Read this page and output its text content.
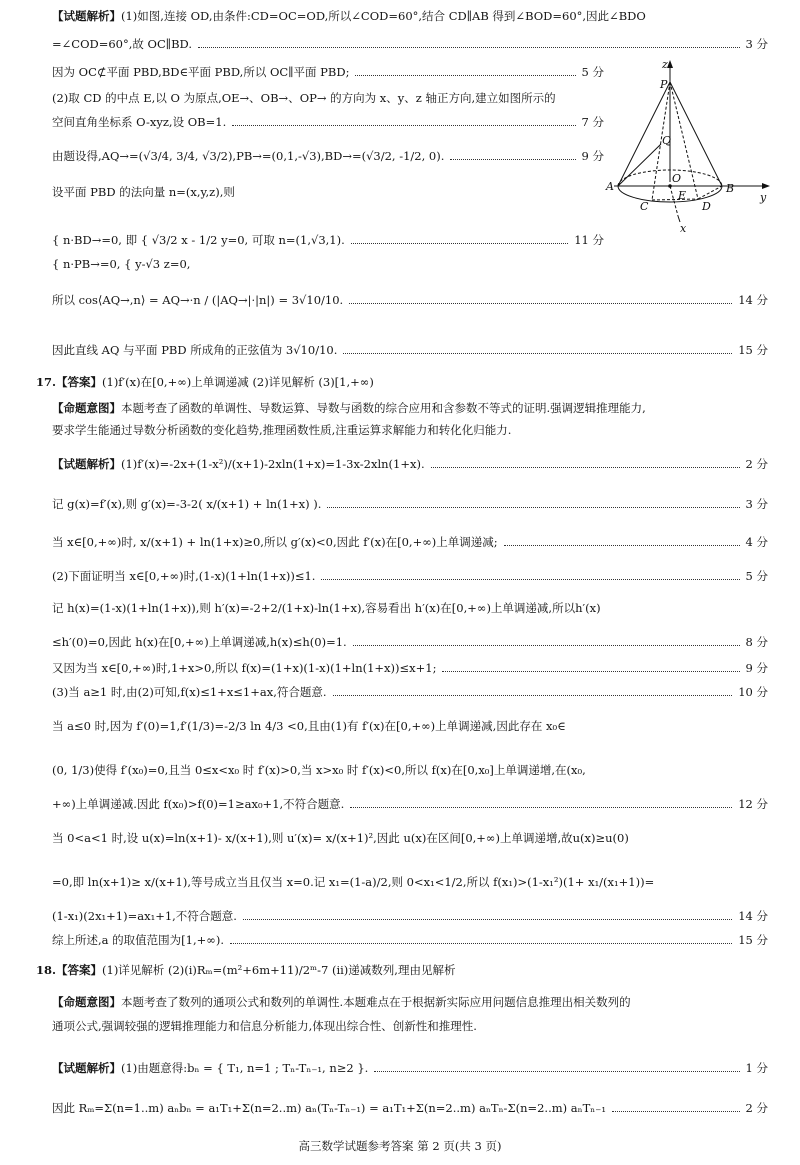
【试题解析】(1)如图,连接 OD,由条件:CD=OC=OD,所以∠COD=60°,结合 CD∥AB 得到∠BOD=60°,因此∠BDO
=∠COD=60°,故 OC∥BD.	3 分
因为 OC⊄平面 PBD,BD∈平面 PBD,所以 OC∥平面 PBD;	5 分
(2)取 CD 的中点 E,以 O 为原点,OE→、OB→、OP→ 的方向为 x、y、z 轴正方向,建立如图所示的
空间直角坐标系 O-xyz,设 OB=1.	7 分
由题设得,AQ→=(√3/4, 3/4, √3/2),PB→=(0,1,-√3),BD→=(√3/2, -1/2, 0).	9 分
设平面 PBD 的法向量 n=(x,y,z),则
{ n·BD→=0, 即 { √3/2 x - 1/2 y=0, 可取 n=(1,√3,1).	11 分
{ n·PB→=0, { y-√3 z=0,
所以 cos⟨AQ→,n⟩ = AQ→·n / (|AQ→|·|n|) = 3√10/10.	14 分
因此直线 AQ 与平面 PBD 所成角的正弦值为 3√10/10.	15 分
17.【答案】(1)f′(x)在[0,+∞)上单调递减 (2)详见解析 (3)[1,+∞)
【命题意图】本题考查了函数的单调性、导数运算、导数与函数的综合应用和含参数不等式的证明.强调逻辑推理能力,
要求学生能通过导数分析函数的变化趋势,推理函数性质,注重运算求解能力和转化化归能力.
【试题解析】(1)f′(x)=-2x+(1-x²)/(x+1)-2xln(1+x)=1-3x-2xln(1+x).	2 分
记 g(x)=f′(x),则 g′(x)=-3-2( x/(x+1) + ln(1+x) ).	3 分
当 x∈[0,+∞)时, x/(x+1) + ln(1+x)≥0,所以 g′(x)<0,因此 f′(x)在[0,+∞)上单调递减;	4 分
(2)下面证明当 x∈[0,+∞)时,(1-x)(1+ln(1+x))≤1.	5 分
记 h(x)=(1-x)(1+ln(1+x)),则 h′(x)=-2+2/(1+x)-ln(1+x),容易看出 h′(x)在[0,+∞)上单调递减,所以h′(x)
≤h′(0)=0,因此 h(x)在[0,+∞)上单调递减,h(x)≤h(0)=1.	8 分
又因为当 x∈[0,+∞)时,1+x>0,所以 f(x)=(1+x)(1-x)(1+ln(1+x))≤x+1;	9 分
(3)当 a≥1 时,由(2)可知,f(x)≤1+x≤1+ax,符合题意.	10 分
当 a≤0 时,因为 f′(0)=1,f′(1/3)=-2/3 ln 4/3 <0,且由(1)有 f′(x)在[0,+∞)上单调递减,因此存在 x₀∈
(0, 1/3)使得 f′(x₀)=0,且当 0≤x<x₀ 时 f′(x)>0,当 x>x₀ 时 f′(x)<0,所以 f(x)在[0,x₀]上单调递增,在(x₀,
+∞)上单调递减.因此 f(x₀)>f(0)=1≥ax₀+1,不符合题意.	12 分
当 0<a<1 时,设 u(x)=ln(x+1)- x/(x+1),则 u′(x)= x/(x+1)²,因此 u(x)在区间[0,+∞)上单调递增,故u(x)≥u(0)
=0,即 ln(x+1)≥ x/(x+1),等号成立当且仅当 x=0.记 x₁=(1-a)/2,则 0<x₁<1/2,所以 f(x₁)>(1-x₁²)(1+ x₁/(x₁+1))=
(1-x₁)(2x₁+1)=ax₁+1,不符合题意.	14 分
综上所述,a 的取值范围为[1,+∞).	15 分
18.【答案】(1)详见解析 (2)(i)Rₘ=(m²+6m+11)/2ᵐ-7 (ii)递减数列,理由见解析
【命题意图】本题考查了数列的通项公式和数列的单调性.本题难点在于根据新实际应用问题信息推理出相关数列的
通项公式,强调较强的逻辑推理能力和信息分析能力,体现出综合性、创新性和推理性.
【试题解析】(1)由题意得:bₙ = { T₁, n=1 ; Tₙ-Tₙ₋₁, n≥2 }.	1 分
因此 Rₘ=Σ(n=1..m) aₙbₙ = a₁T₁+Σ(n=2..m) aₙ(Tₙ-Tₙ₋₁) = a₁T₁+Σ(n=2..m) aₙTₙ-Σ(n=2..m) aₙTₙ₋₁	2 分
z
P
Q
A
O
B
y
C
E
D
x
高三数学试题参考答案 第 2 页(共 3 页)
